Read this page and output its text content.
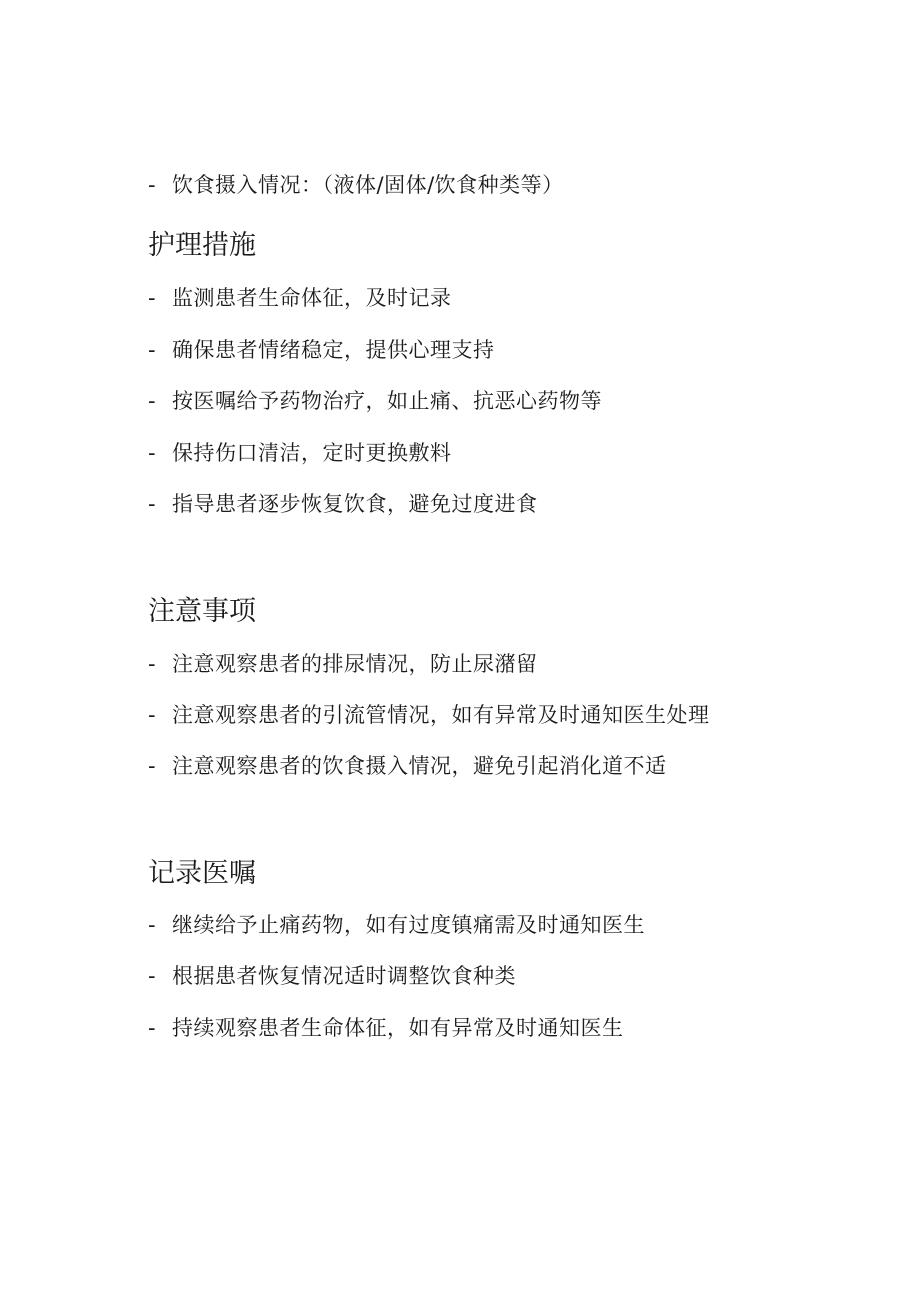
- 饮食摄入情况：（液体/固体/饮食种类等）
护理措施
- 监测患者生命体征，及时记录
- 确保患者情绪稳定，提供心理支持
- 按医嘱给予药物治疗，如止痛、抗恶心药物等
- 保持伤口清洁，定时更换敷料
- 指导患者逐步恢复饮食，避免过度进食
注意事项
- 注意观察患者的排尿情况，防止尿潴留
- 注意观察患者的引流管情况，如有异常及时通知医生处理
- 注意观察患者的饮食摄入情况，避免引起消化道不适
记录医嘱
- 继续给予止痛药物，如有过度镇痛需及时通知医生
- 根据患者恢复情况适时调整饮食种类
- 持续观察患者生命体征，如有异常及时通知医生
